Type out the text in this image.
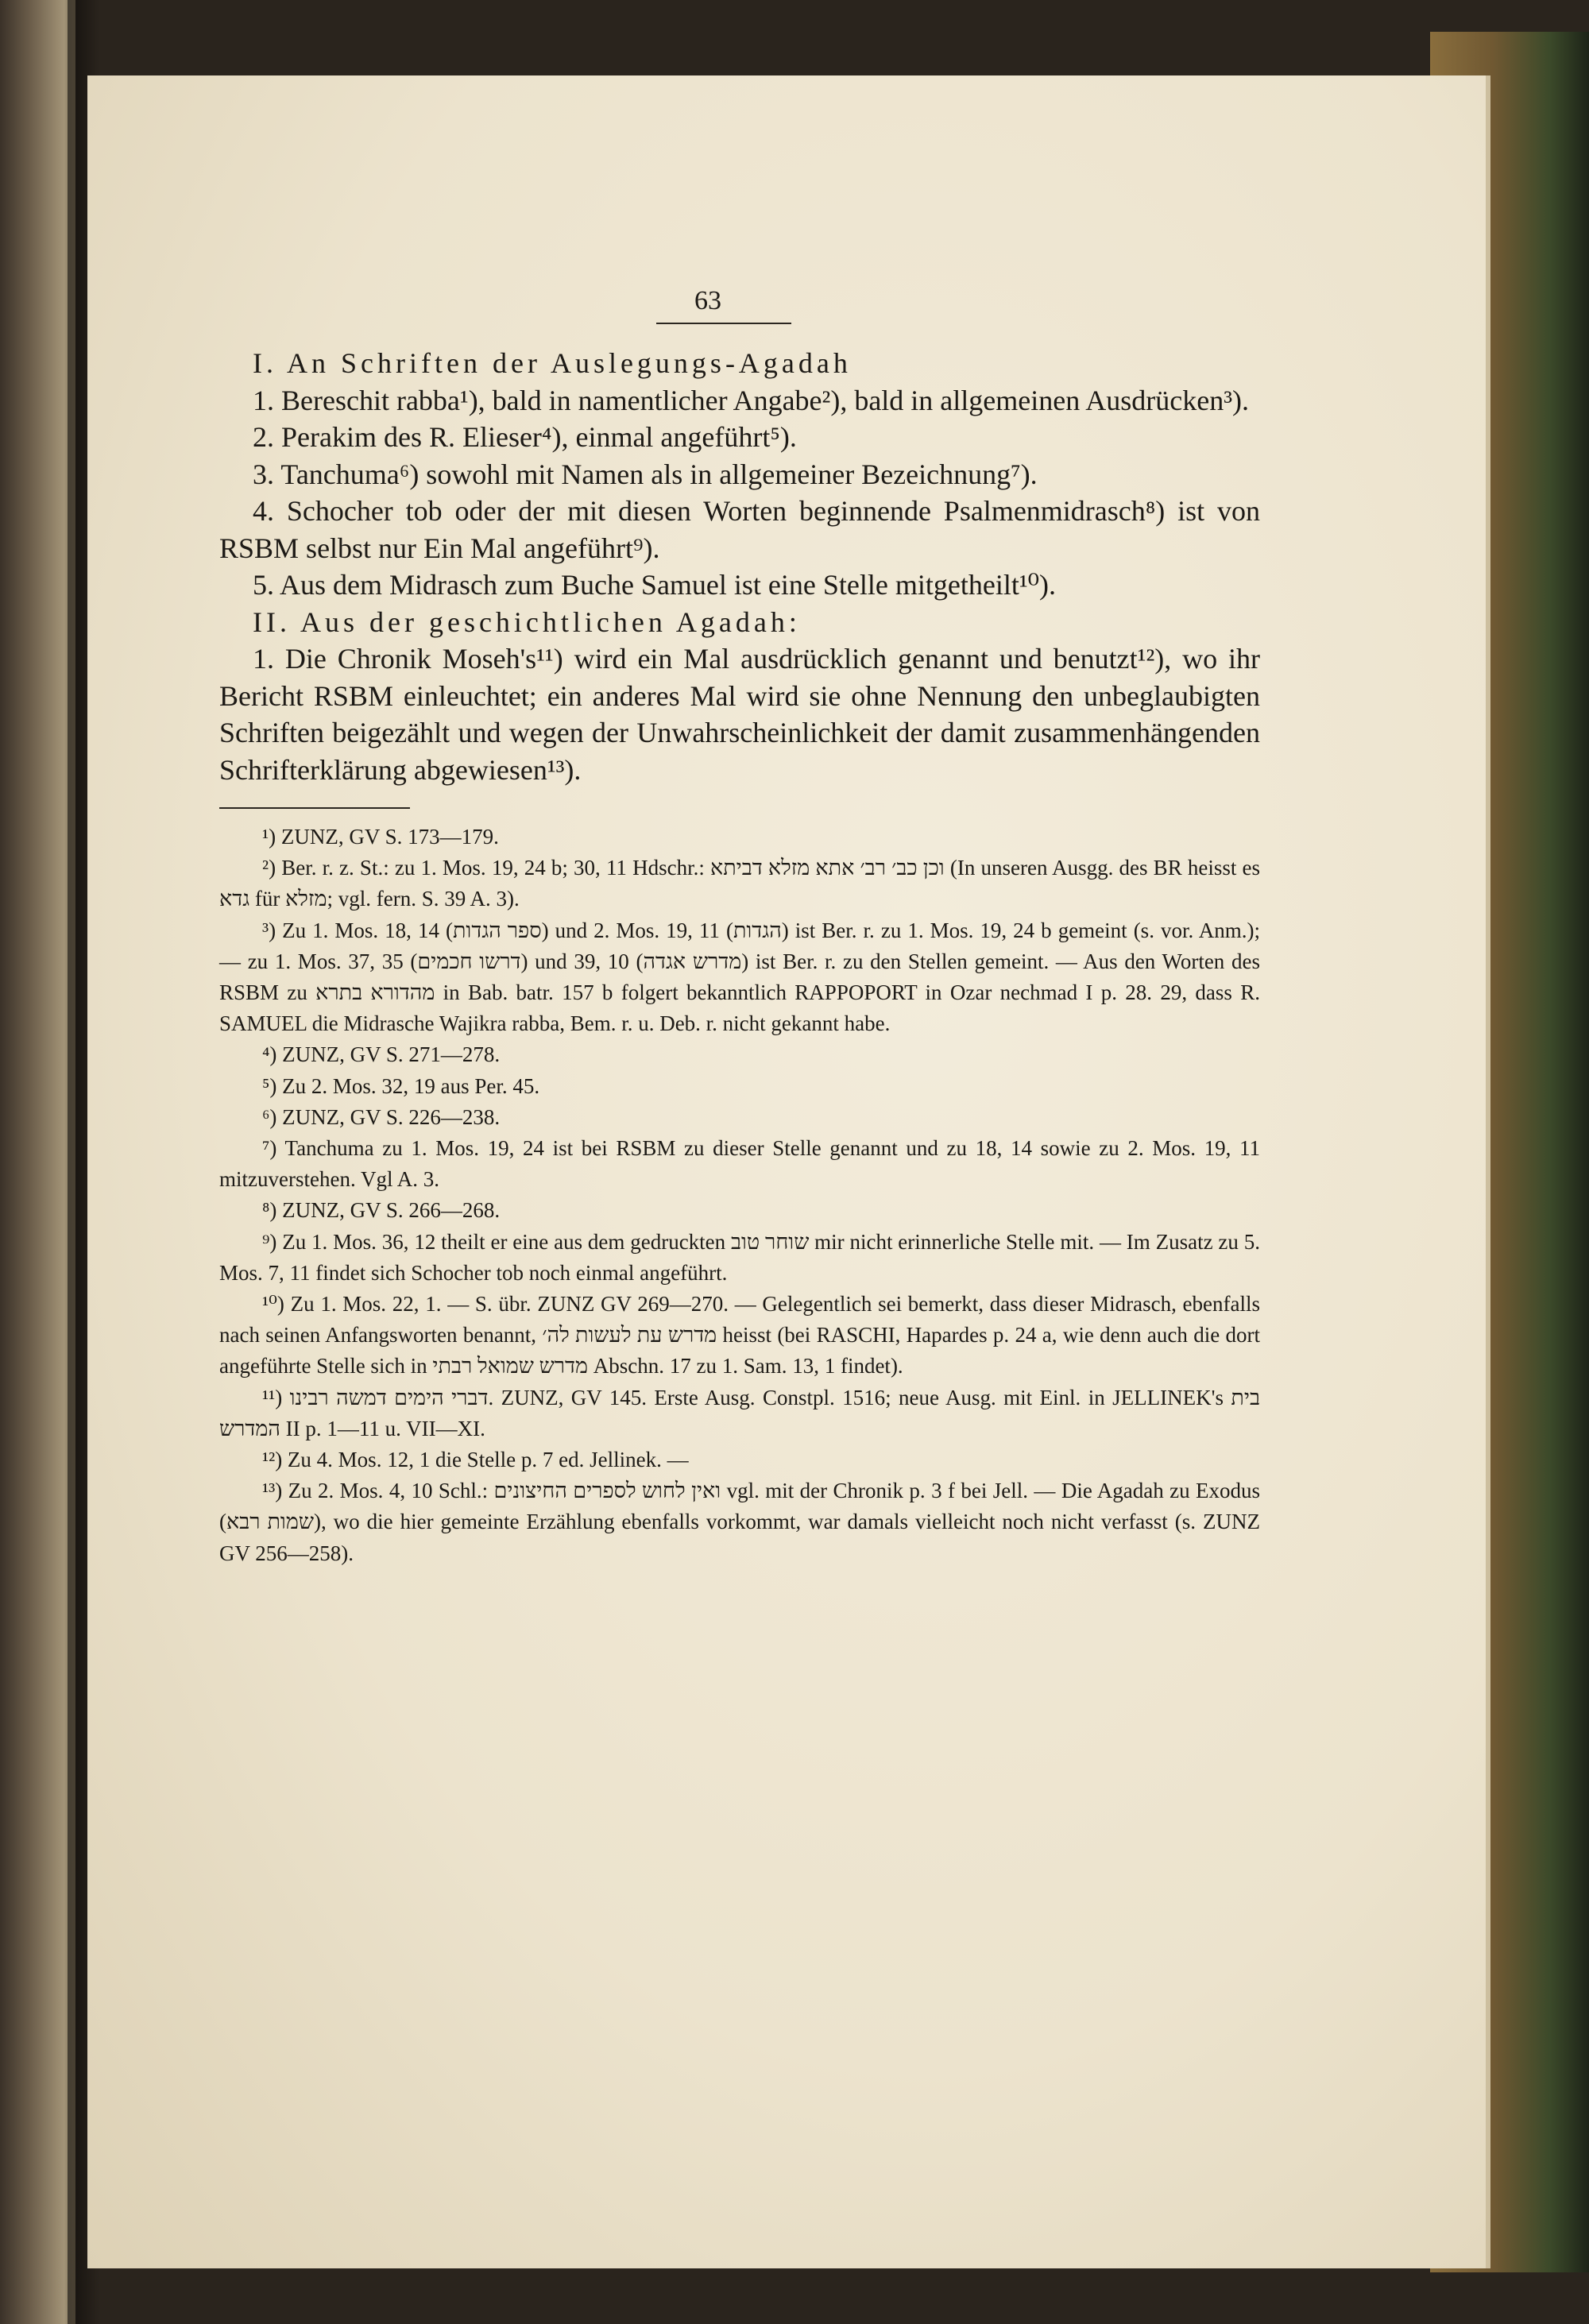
63

I. An Schriften der Auslegungs-Agadah

1. Bereschit rabba¹), bald in namentlicher Angabe²), bald in allgemeinen Ausdrücken³).

2. Perakim des R. Elieser⁴), einmal angeführt⁵).

3. Tanchuma⁶) sowohl mit Namen als in allgemeiner Bezeichnung⁷).

4. Schocher tob oder der mit diesen Worten beginnende Psalmenmidrasch⁸) ist von RSBM selbst nur Ein Mal angeführt⁹).

5. Aus dem Midrasch zum Buche Samuel ist eine Stelle mitgetheilt¹⁰).

II. Aus der geschichtlichen Agadah:

1. Die Chronik Moseh's¹¹) wird ein Mal ausdrücklich genannt und benutzt¹²), wo ihr Bericht RSBM einleuchtet; ein anderes Mal wird sie ohne Nennung den unbeglaubigten Schriften beigezählt und wegen der Unwahrscheinlichkeit der damit zusammenhängenden Schrifterklärung abgewiesen¹³).

¹) ZUNZ, GV S. 173—179.

²) Ber. r. z. St.: zu 1. Mos. 19, 24 b; 30, 11 Hdschr.: וכן כב׳ רב׳ אתא מזלא דביתא (In unseren Ausgg. des BR heisst es גדא für מזלא; vgl. fern. S. 39 A. 3).

³) Zu 1. Mos. 18, 14 (ספר הגדות) und 2. Mos. 19, 11 (הגדות) ist Ber. r. zu 1. Mos. 19, 24 b gemeint (s. vor. Anm.); — zu 1. Mos. 37, 35 (דרשו חכמים) und 39, 10 (מדרש אגדה) ist Ber. r. zu den Stellen gemeint. — Aus den Worten des RSBM zu מהדורא בתרא in Bab. batr. 157 b folgert bekanntlich RAPPOPORT in Ozar nechmad I p. 28. 29, dass R. SAMUEL die Midrasche Wajikra rabba, Bem. r. u. Deb. r. nicht gekannt habe.

⁴) ZUNZ, GV S. 271—278.

⁵) Zu 2. Mos. 32, 19 aus Per. 45.

⁶) ZUNZ, GV S. 226—238.

⁷) Tanchuma zu 1. Mos. 19, 24 ist bei RSBM zu dieser Stelle genannt und zu 18, 14 sowie zu 2. Mos. 19, 11 mitzuverstehen. Vgl A. 3.

⁸) ZUNZ, GV S. 266—268.

⁹) Zu 1. Mos. 36, 12 theilt er eine aus dem gedruckten שוחר טוב mir nicht erinnerliche Stelle mit. — Im Zusatz zu 5. Mos. 7, 11 findet sich Schocher tob noch einmal angeführt.

¹⁰) Zu 1. Mos. 22, 1. — S. übr. ZUNZ GV 269—270. — Gelegentlich sei bemerkt, dass dieser Midrasch, ebenfalls nach seinen Anfangsworten benannt, מדרש עת לעשות לה׳ heisst (bei RASCHI, Hapardes p. 24 a, wie denn auch die dort angeführte Stelle sich in מדרש שמואל רבתי Abschn. 17 zu 1. Sam. 13, 1 findet).

¹¹) דברי הימים דמשה רבינו. ZUNZ, GV 145. Erste Ausg. Constpl. 1516; neue Ausg. mit Einl. in JELLINEK's בית המדרש II p. 1—11 u. VII—XI.

¹²) Zu 4. Mos. 12, 1 die Stelle p. 7 ed. Jellinek. —

¹³) Zu 2. Mos. 4, 10 Schl.: ואין לחוש לספרים החיצונים vgl. mit der Chronik p. 3 f bei Jell. — Die Agadah zu Exodus (שמות רבא), wo die hier gemeinte Erzählung ebenfalls vorkommt, war damals vielleicht noch nicht verfasst (s. ZUNZ GV 256—258).
